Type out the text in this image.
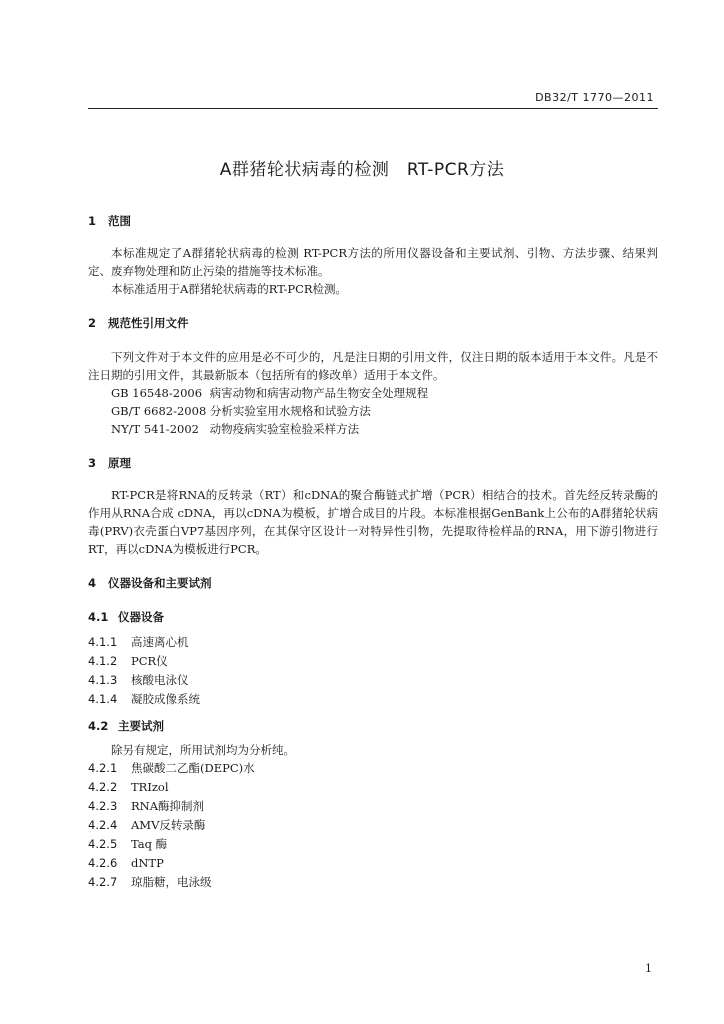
DB32/T 1770—2011
A群猪轮状病毒的检测　RT-PCR方法

1 范围

本标准规定了A群猪轮状病毒的检测 RT-PCR方法的所用仪器设备和主要试剂、引物、方法步骤、结果判定、废弃物处理和防止污染的措施等技术标准。

本标准适用于A群猪轮状病毒的RT-PCR检测。

2 规范性引用文件

下列文件对于本文件的应用是必不可少的，凡是注日期的引用文件，仅注日期的版本适用于本文件。凡是不注日期的引用文件，其最新版本（包括所有的修改单）适用于本文件。

GB 16548-2006 病害动物和病害动物产品生物安全处理规程

GB/T 6682-2008 分析实验室用水规格和试验方法

NY/T 541-2002 动物疫病实验室检验采样方法

3 原理

RT-PCR是将RNA的反转录（RT）和cDNA的聚合酶链式扩增（PCR）相结合的技术。首先经反转录酶的作用从RNA合成 cDNA，再以cDNA为模板，扩增合成目的片段。本标准根据GenBank上公布的A群猪轮状病毒(PRV)衣壳蛋白VP7基因序列，在其保守区设计一对特异性引物，先提取待检样品的RNA，用下游引物进行RT，再以cDNA为模板进行PCR。

4 仪器设备和主要试剂

4.1 仪器设备

4.1.1 高速离心机

4.1.2 PCR仪

4.1.3 核酸电泳仪

4.1.4 凝胶成像系统

4.2 主要试剂

除另有规定，所用试剂均为分析纯。

4.2.1 焦碳酸二乙酯(DEPC)水

4.2.2 TRIzol

4.2.3 RNA酶抑制剂

4.2.4 AMV反转录酶

4.2.5 Taq 酶

4.2.6 dNTP

4.2.7 琼脂糖，电泳级

1
